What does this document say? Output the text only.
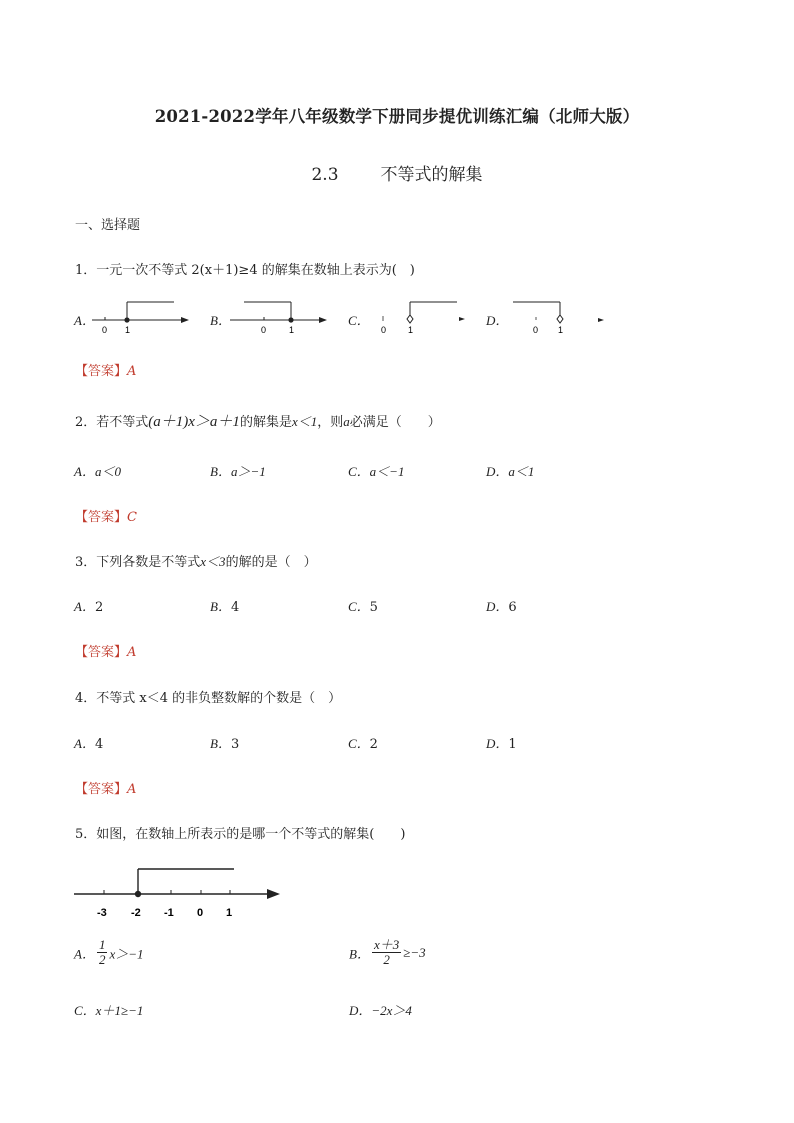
2021-2022学年八年级数学下册同步提优训练汇编（北师大版）
2.3 不等式的解集
一、选择题
1．一元一次不等式 2(x＋1)≥4 的解集在数轴上表示为(　)
A．
0 1
B．
0	1
C．
0 1
D．
0 1
【答案】A
2．若不等式(a＋1)x＞a＋1的解集是x＜1，则a必满足（　　）
A．a＜0	B．a＞−1	C．a＜−1	D．a＜1
【答案】C
3．下列各数是不等式x＜3的解的是（　）
A．2	B．4	C．5	D．6
【答案】A
4．不等式 x＜4 的非负整数解的个数是（　）
A．4	B．3	C．2	D．1
【答案】A
5．如图，在数轴上所表示的是哪一个不等式的解集(　　)
-3 -2 -1 0 1
A． $\frac{1}{2} x>-1$	B． $\frac{x+3}{2} \ge-3$
C．x＋1≥−1	D．−2x＞4
